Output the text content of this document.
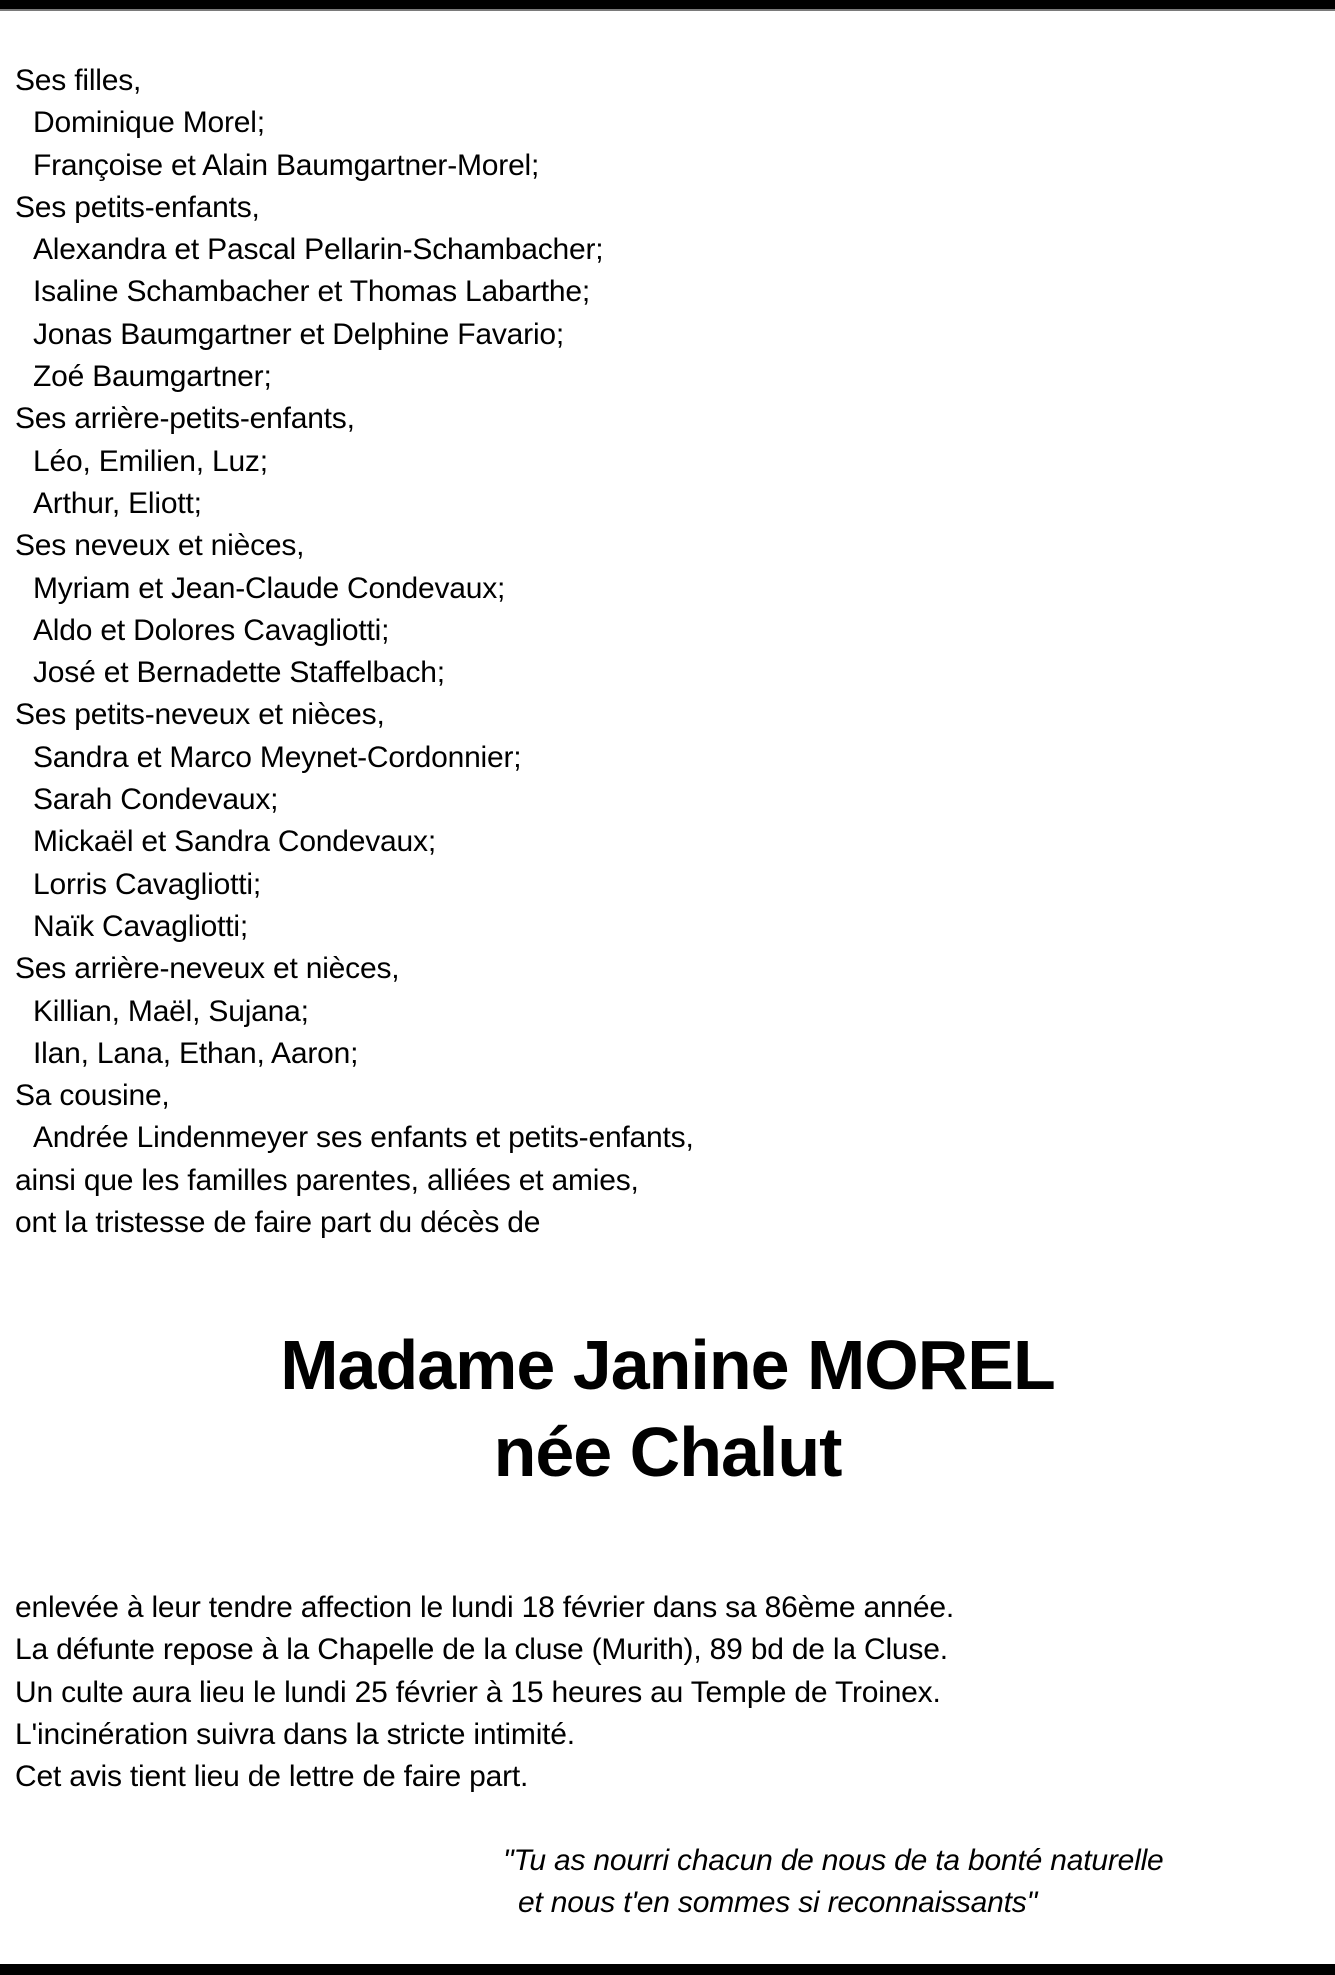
Ses filles,
Dominique Morel;
Françoise et Alain Baumgartner-Morel;
Ses petits-enfants,
Alexandra et Pascal Pellarin-Schambacher;
Isaline Schambacher et Thomas Labarthe;
Jonas Baumgartner et Delphine Favario;
Zoé Baumgartner;
Ses arrière-petits-enfants,
Léo, Emilien, Luz;
Arthur, Eliott;
Ses neveux et nièces,
Myriam et Jean-Claude Condevaux;
Aldo et Dolores Cavagliotti;
José et Bernadette Staffelbach;
Ses petits-neveux et nièces,
Sandra et Marco Meynet-Cordonnier;
Sarah Condevaux;
Mickaël et Sandra Condevaux;
Lorris Cavagliotti;
Naïk Cavagliotti;
Ses arrière-neveux et nièces,
Killian, Maël, Sujana;
Ilan, Lana, Ethan, Aaron;
Sa cousine,
Andrée Lindenmeyer ses enfants et petits-enfants,
ainsi que les familles parentes, alliées et amies,
ont la tristesse de faire part du décès de
Madame Janine MOREL
née Chalut
enlevée à leur tendre affection le lundi 18 février dans sa 86ème année.
La défunte repose à la Chapelle de la cluse (Murith), 89 bd de la Cluse.
Un culte aura lieu le lundi 25 février à 15 heures au Temple de Troinex.
L'incinération suivra dans la stricte intimité.
Cet avis tient lieu de lettre de faire part.
"Tu as nourri chacun de nous de ta bonté naturelle
et nous t'en sommes si reconnaissants"
